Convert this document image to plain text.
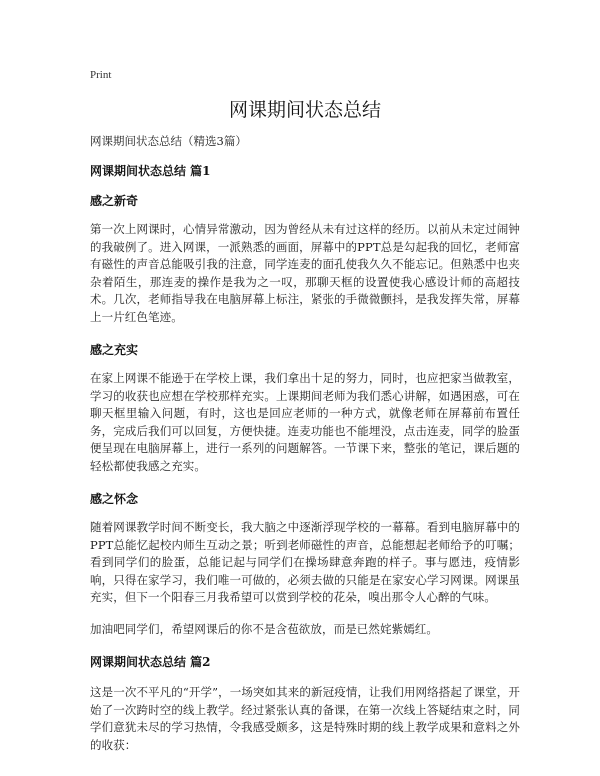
Print
网课期间状态总结
网课期间状态总结（精选3篇）
网课期间状态总结 篇1
感之新奇

第一次上网课时，心情异常激动，因为曾经从未有过这样的经历。以前从未定过闹钟的我破例了。进入网课，一派熟悉的画面，屏幕中的PPT总是勾起我的回忆，老师富有磁性的声音总能吸引我的注意，同学连麦的面孔使我久久不能忘记。但熟悉中也夹杂着陌生，那连麦的操作是我为之一叹，那聊天框的设置使我心感设计师的高超技术。几次，老师指导我在电脑屏幕上标注，紧张的手微微颤抖，是我发挥失常，屏幕上一片红色笔迹。

感之充实

在家上网课不能逊于在学校上课，我们拿出十足的努力，同时，也应把家当做教室，学习的收获也应想在学校那样充实。上课期间老师为我们悉心讲解，如遇困惑，可在聊天框里输入问题，有时，这也是回应老师的一种方式，就像老师在屏幕前布置任务，完成后我们可以回复，方便快捷。连麦功能也不能埋没，点击连麦，同学的脸蛋便呈现在电脑屏幕上，进行一系列的问题解答。一节课下来，整张的笔记，课后题的轻松都使我感之充实。

感之怀念

随着网课教学时间不断变长，我大脑之中逐渐浮现学校的一幕幕。看到电脑屏幕中的PPT总能忆起校内师生互动之景；听到老师磁性的声音，总能想起老师给予的叮嘱；看到同学们的脸蛋，总能记起与同学们在操场肆意奔跑的样子。事与愿违，疫情影响，只得在家学习，我们唯一可做的，必须去做的只能是在家安心学习网课。网课虽充实，但下一个阳春三月我希望可以赏到学校的花朵，嗅出那令人心醉的气味。

加油吧同学们，希望网课后的你不是含苞欲放，而是已然姹紫嫣红。

网课期间状态总结 篇2

这是一次不平凡的“开学”，一场突如其来的新冠疫情，让我们用网络搭起了课堂，开始了一次跨时空的线上教学。经过紧张认真的备课，在第一次线上答疑结束之时，同学们意犹未尽的学习热情，令我感受颇多，这是特殊时期的线上教学成果和意料之外的收获：
